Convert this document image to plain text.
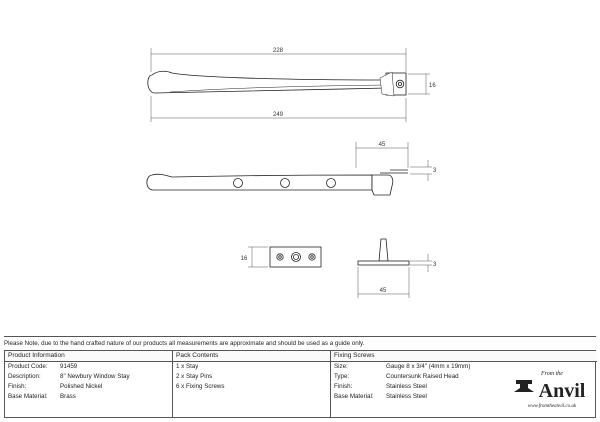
228
16
249
45
3
16
3
45
Please Note, due to the hand crafted nature of our products all measurements are approximate and should be used as a guide only.
Product Information
Product Code: 91459
Description:	8" Newbury Window Stay
Finish:	Polished Nickel
Base Material: Brass
Pack Contents
1 x Stay
2 x Stay Pins
6 x Fixing Screws
Fixing Screws
Size:	Gauge 8 x 3/4" (4mm x 19mm)
Type:	Countersunk Raised Head
Finish:	Stainless Steel
Base Material: Stainless Steel
From the
Anvil
www.fromtheanvil.co.uk
